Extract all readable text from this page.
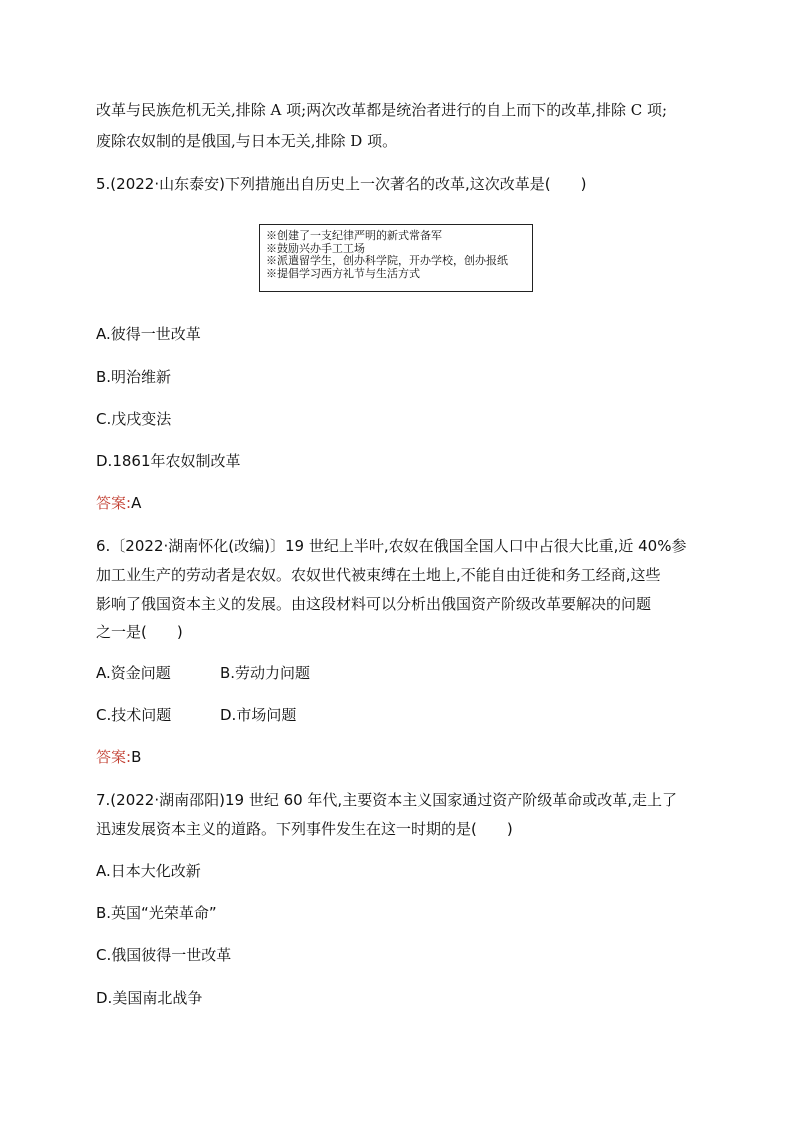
改革与民族危机无关,排除 A 项;两次改革都是统治者进行的自上而下的改革,排除 C 项;
废除农奴制的是俄国,与日本无关,排除 D 项。
5.(2022·山东泰安)下列措施出自历史上一次著名的改革,这次改革是(　　)
※创建了一支纪律严明的新式常备军
※鼓励兴办手工工场
※派遣留学生，创办科学院，开办学校，创办报纸
※提倡学习西方礼节与生活方式
A.彼得一世改革
B.明治维新
C.戊戌变法
D.1861年农奴制改革
答案:A
6.〔2022·湖南怀化(改编)〕19 世纪上半叶,农奴在俄国全国人口中占很大比重,近 40%参
加工业生产的劳动者是农奴。农奴世代被束缚在土地上,不能自由迁徙和务工经商,这些
影响了俄国资本主义的发展。由这段材料可以分析出俄国资产阶级改革要解决的问题
之一是(　　)
A.资金问题	B.劳动力问题
C.技术问题	D.市场问题
答案:B
7.(2022·湖南邵阳)19 世纪 60 年代,主要资本主义国家通过资产阶级革命或改革,走上了
迅速发展资本主义的道路。下列事件发生在这一时期的是(　　)
A.日本大化改新
B.英国“光荣革命”
C.俄国彼得一世改革
D.美国南北战争
